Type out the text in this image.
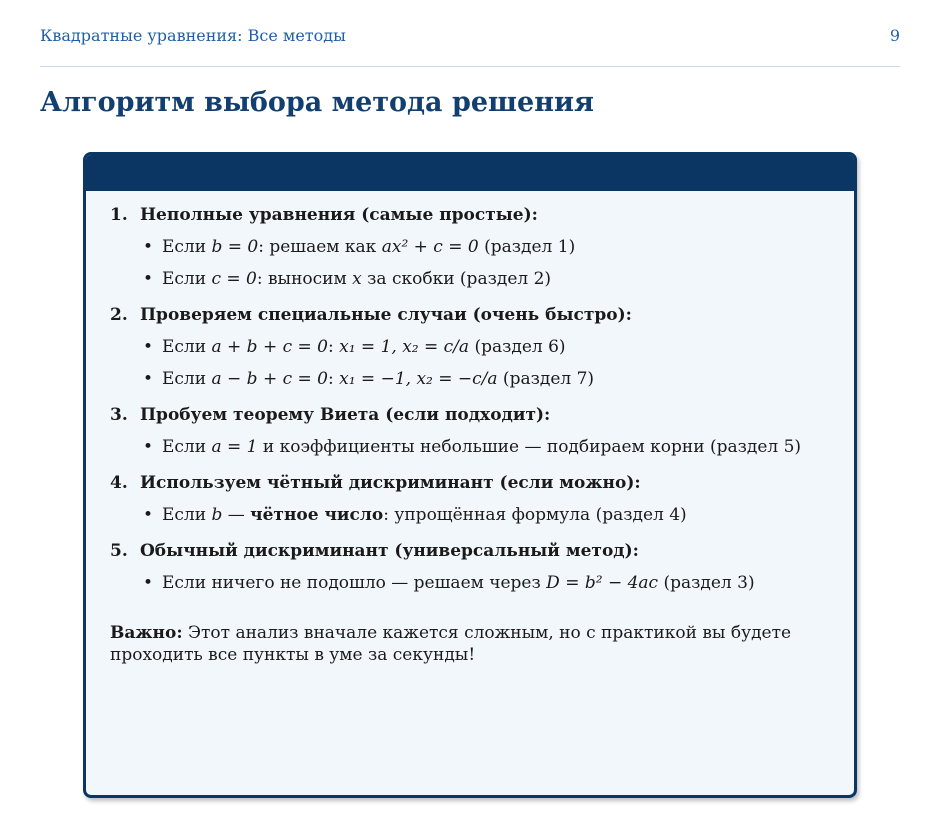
Квадратные уравнения: Все методы	9
Алгоритм выбора метода решения

1. Неполные уравнения (самые простые):

• Если b = 0: решаем как ax² + c = 0 (раздел 1)
• Если c = 0: выносим x за скобки (раздел 2)

2. Проверяем специальные случаи (очень быстро):

• Если a + b + c = 0: x₁ = 1, x₂ = c/a (раздел 6)
• Если a − b + c = 0: x₁ = −1, x₂ = −c/a (раздел 7)

3. Пробуем теорему Виета (если подходит):

• Если a = 1 и коэффициенты небольшие — подбираем корни (раздел 5)

4. Используем чётный дискриминант (если можно):

• Если b — чётное число: упрощённая формула (раздел 4)

5. Обычный дискриминант (универсальный метод):

• Если ничего не подошло — решаем через D = b² − 4ac (раздел 3)

Важно: Этот анализ вначале кажется сложным, но с практикой вы будете проходить все пункты в уме за секунды!
